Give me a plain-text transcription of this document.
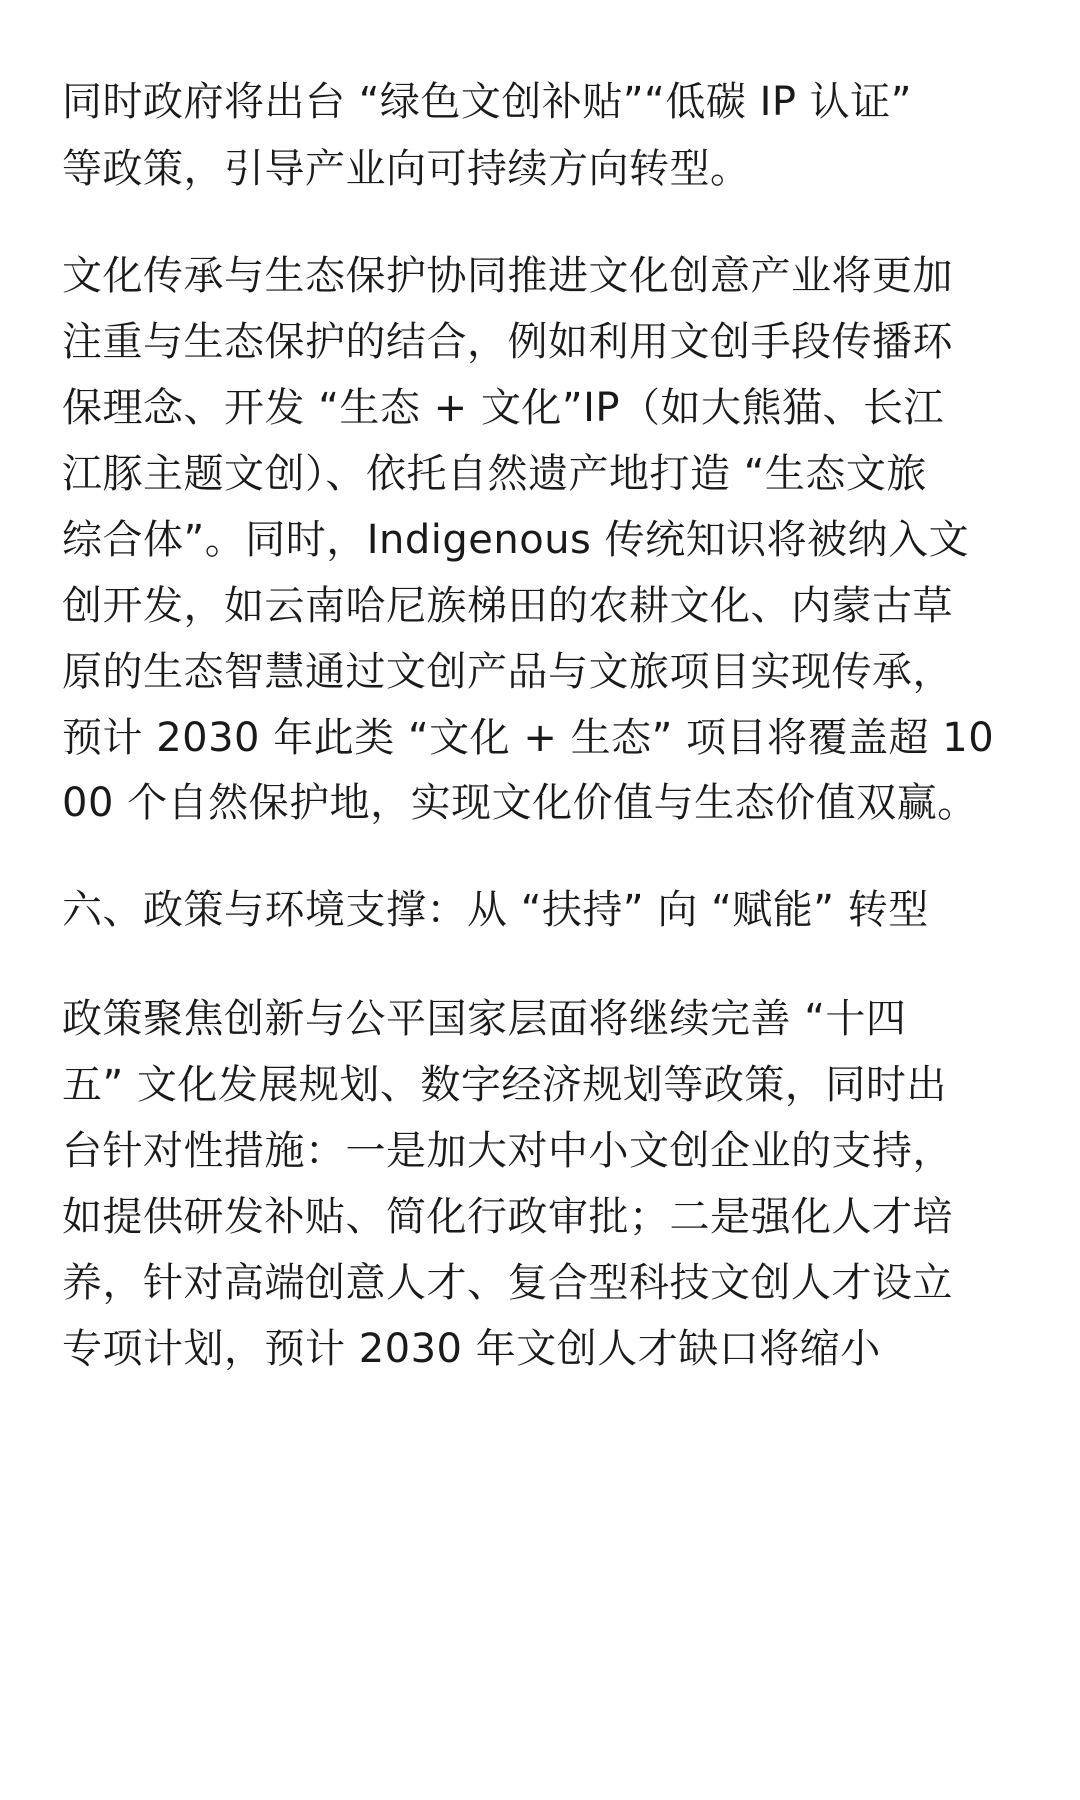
同时政府将出台 “绿色文创补贴”“低碳 IP 认证”
等政策，引导产业向可持续方向转型。
文化传承与生态保护协同推进文化创意产业将更加
注重与生态保护的结合，例如利用文创手段传播环
保理念、开发 “生态 + 文化”IP（如大熊猫、长江
江豚主题文创）、依托自然遗产地打造 “生态文旅
综合体”。同时，Indigenous 传统知识将被纳入文
创开发，如云南哈尼族梯田的农耕文化、内蒙古草
原的生态智慧通过文创产品与文旅项目实现传承，
预计 2030 年此类 “文化 + 生态” 项目将覆盖超 10
00 个自然保护地，实现文化价值与生态价值双赢。
六、政策与环境支撑：从 “扶持” 向 “赋能” 转型
政策聚焦创新与公平国家层面将继续完善 “十四
五” 文化发展规划、数字经济规划等政策，同时出
台针对性措施：一是加大对中小文创企业的支持，
如提供研发补贴、简化行政审批；二是强化人才培
养，针对高端创意人才、复合型科技文创人才设立
专项计划，预计 2030 年文创人才缺口将缩小
